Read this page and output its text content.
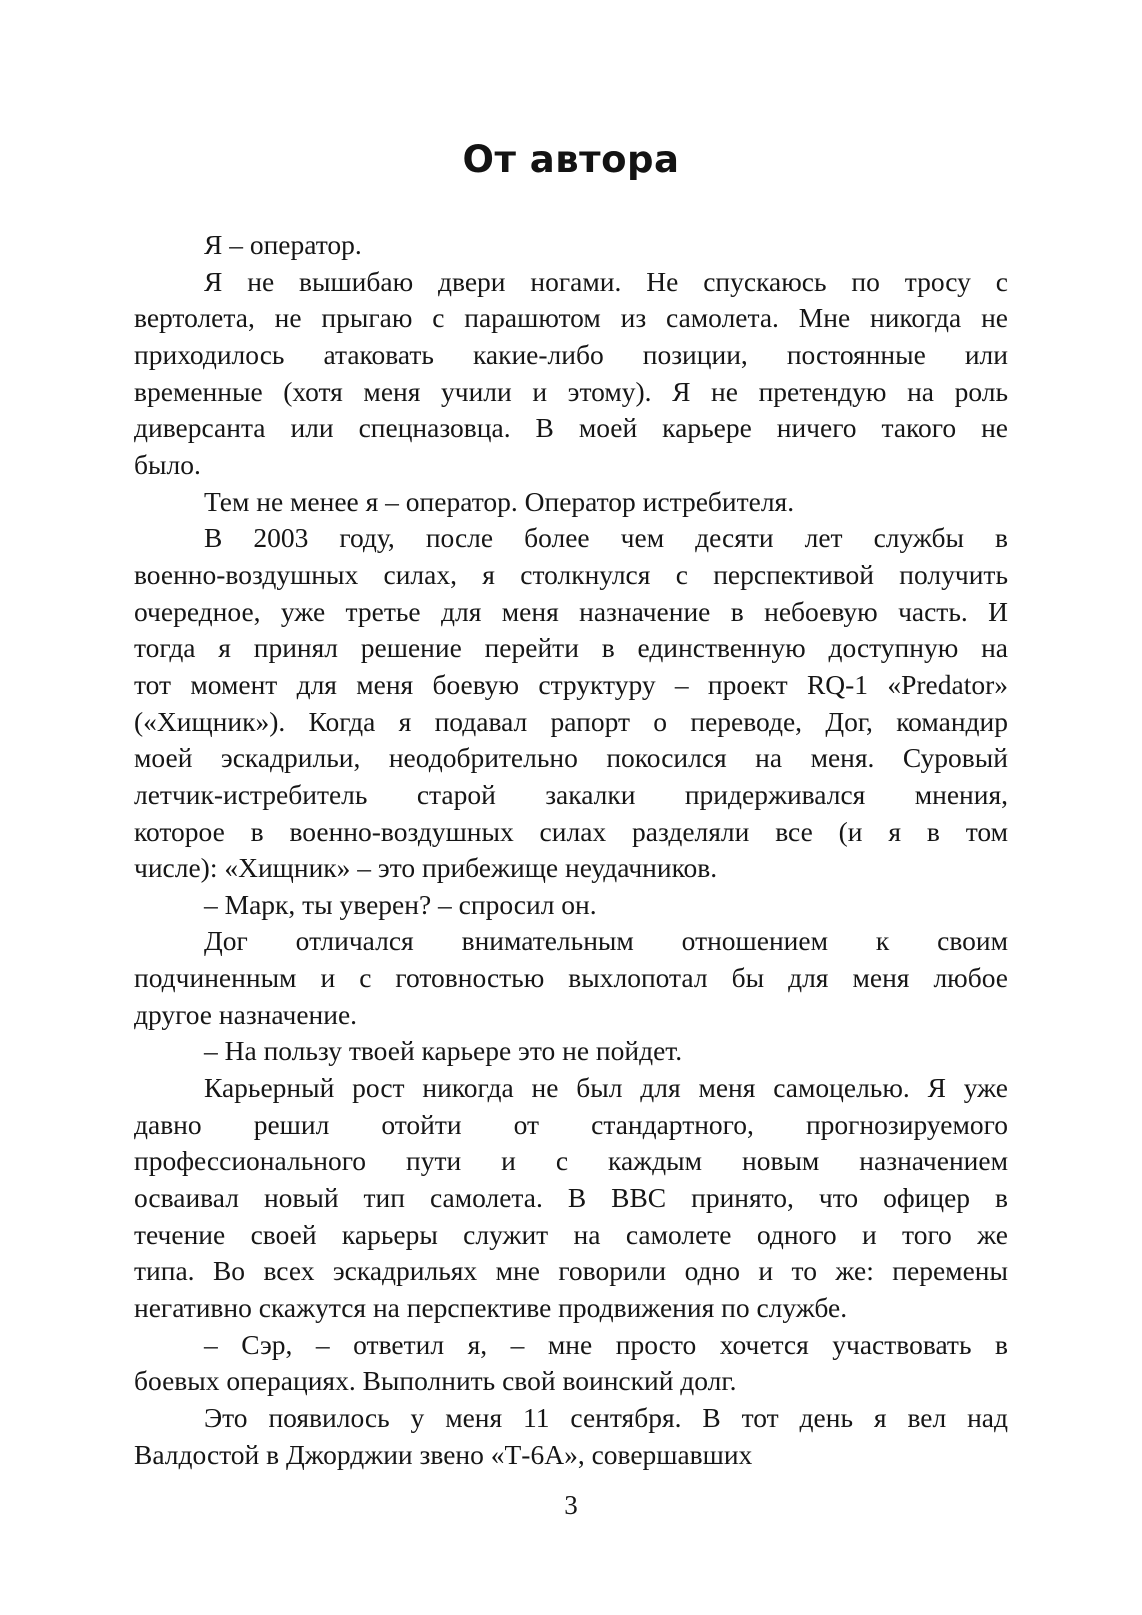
От автора
Я – оператор.
Я не вышибаю двери ногами. Не спускаюсь по тросу с
вертолета, не прыгаю с парашютом из самолета. Мне никогда не
приходилось атаковать какие-либо позиции, постоянные или
временные (хотя меня учили и этому). Я не претендую на роль
диверсанта или спецназовца. В моей карьере ничего такого не
было.
Тем не менее я – оператор. Оператор истребителя.
В 2003 году, после более чем десяти лет службы в
военно-воздушных силах, я столкнулся с перспективой получить
очередное, уже третье для меня назначение в небоевую часть. И
тогда я принял решение перейти в единственную доступную на
тот момент для меня боевую структуру – проект RQ-1 «Predator»
(«Хищник»). Когда я подавал рапорт о переводе, Дог, командир
моей эскадрильи, неодобрительно покосился на меня. Суровый
летчик-истребитель старой закалки придерживался мнения,
которое в военно-воздушных силах разделяли все (и я в том
числе): «Хищник» – это прибежище неудачников.
– Марк, ты уверен? – спросил он.
Дог отличался внимательным отношением к своим
подчиненным и с готовностью выхлопотал бы для меня любое
другое назначение.
– На пользу твоей карьере это не пойдет.
Карьерный рост никогда не был для меня самоцелью. Я уже
давно решил отойти от стандартного, прогнозируемого
профессионального пути и с каждым новым назначением
осваивал новый тип самолета. В ВВС принято, что офицер в
течение своей карьеры служит на самолете одного и того же
типа. Во всех эскадрильях мне говорили одно и то же: перемены
негативно скажутся на перспективе продвижения по службе.
– Сэр, – ответил я, – мне просто хочется участвовать в
боевых операциях. Выполнить свой воинский долг.
Это появилось у меня 11 сентября. В тот день я вел над
Валдостой в Джорджии звено «Т-6А», совершавших
3
